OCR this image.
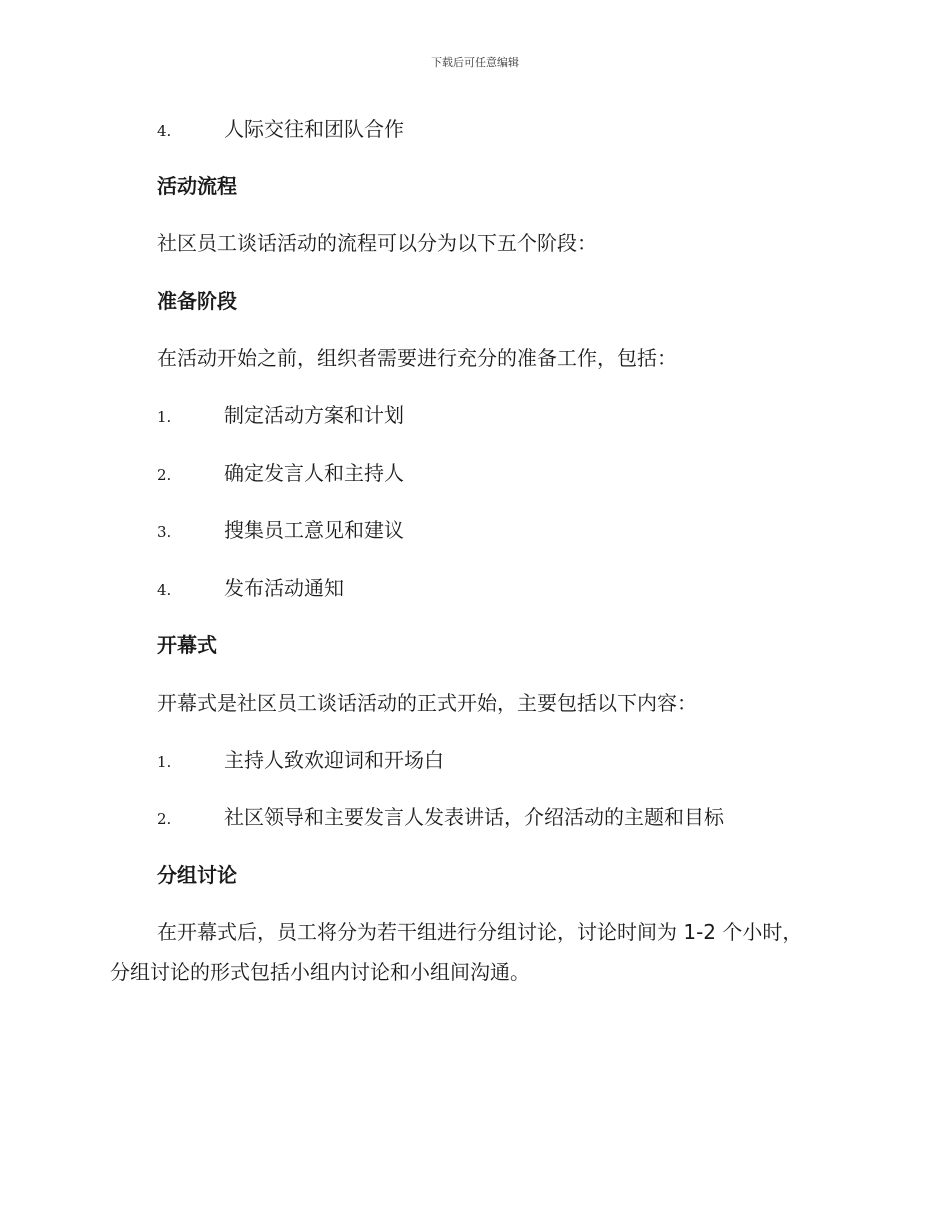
下载后可任意编辑
4.	人际交往和团队合作
活动流程
社区员工谈话活动的流程可以分为以下五个阶段：
准备阶段
在活动开始之前，组织者需要进行充分的准备工作，包括：
1.	制定活动方案和计划
2.	确定发言人和主持人
3.	搜集员工意见和建议
4.	发布活动通知
开幕式
开幕式是社区员工谈话活动的正式开始，主要包括以下内容：
1.	主持人致欢迎词和开场白
2.	社区领导和主要发言人发表讲话，介绍活动的主题和目标
分组讨论
在开幕式后，员工将分为若干组进行分组讨论，讨论时间为 1-2 个小时，分组讨论的形式包括小组内讨论和小组间沟通。
